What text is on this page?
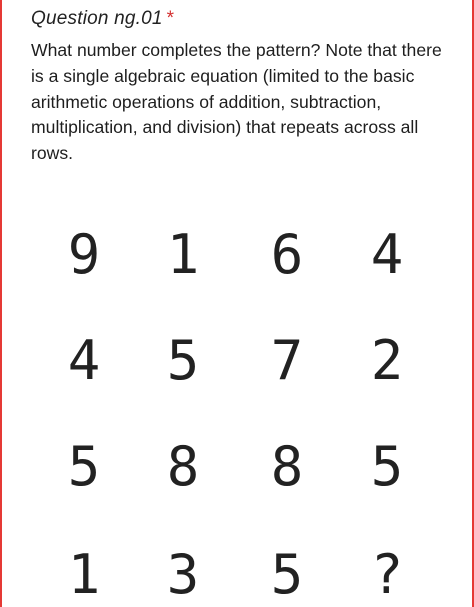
Question ng.01 *
What number completes the pattern? Note that there is a single algebraic equation (limited to the basic arithmetic operations of addition, subtraction, multiplication, and division) that repeats across all rows.
9 1 6 4
4 5 7 2
5 8 8 5
1 3 5 ?
